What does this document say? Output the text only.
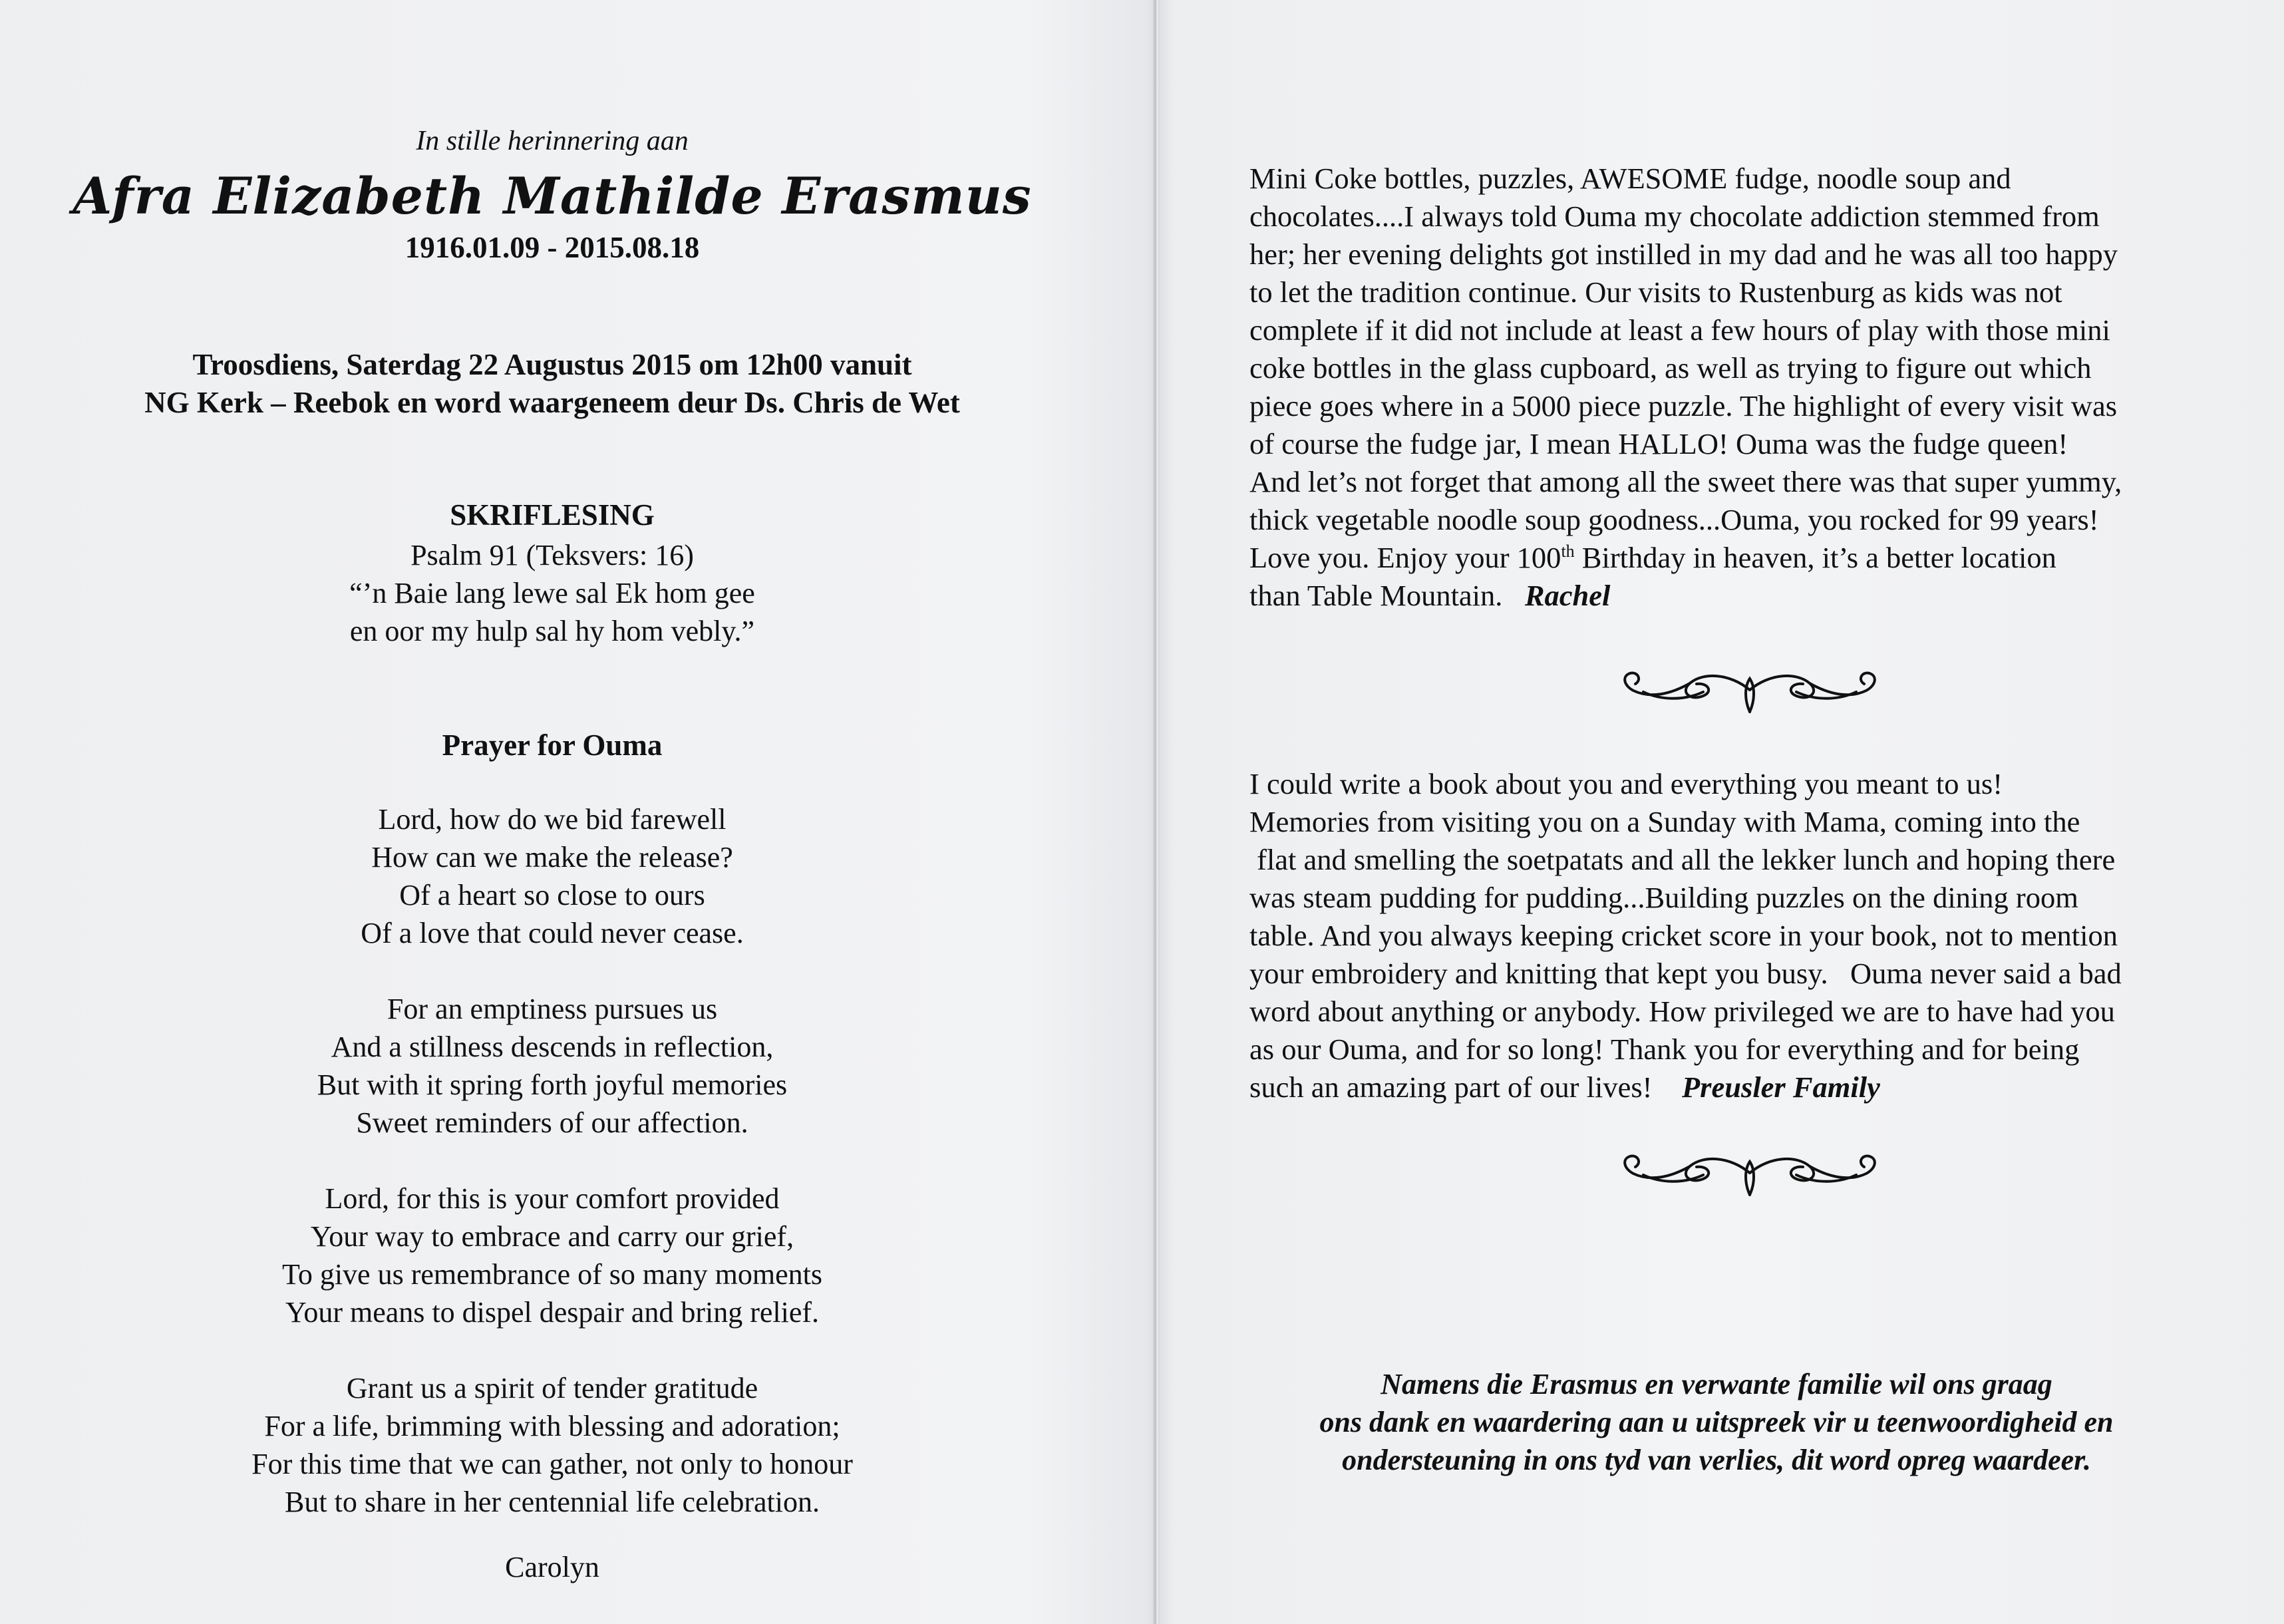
In stille herinnering aan
Afra Elizabeth Mathilde Erasmus
1916.01.09 - 2015.08.18
Troosdiens, Saterdag 22 Augustus 2015 om 12h00 vanuit
NG Kerk – Reebok en word waargeneem deur Ds. Chris de Wet
SKRIFLESING
Psalm 91 (Teksvers: 16)
“’n Baie lang lewe sal Ek hom gee
en oor my hulp sal hy hom vebly.”
Prayer for Ouma
Lord, how do we bid farewell
How can we make the release?
Of a heart so close to ours
Of a love that could never cease.
For an emptiness pursues us
And a stillness descends in reflection,
But with it spring forth joyful memories
Sweet reminders of our affection.
Lord, for this is your comfort provided
Your way to embrace and carry our grief,
To give us remembrance of so many moments
Your means to dispel despair and bring relief.
Grant us a spirit of tender gratitude
For a life, brimming with blessing and adoration;
For this time that we can gather, not only to honour
But to share in her centennial life celebration.
Carolyn
Mini Coke bottles, puzzles, AWESOME fudge, noodle soup and
chocolates....I always told Ouma my chocolate addiction stemmed from
her; her evening delights got instilled in my dad and he was all too happy
to let the tradition continue. Our visits to Rustenburg as kids was not
complete if it did not include at least a few hours of play with those mini
coke bottles in the glass cupboard, as well as trying to figure out which
piece goes where in a 5000 piece puzzle. The highlight of every visit was
of course the fudge jar, I mean HALLO! Ouma was the fudge queen!
And let’s not forget that among all the sweet there was that super yummy,
thick vegetable noodle soup goodness...Ouma, you rocked for 99 years!
Love you. Enjoy your 100th Birthday in heaven, it’s a better location
than Table Mountain.   Rachel
I could write a book about you and everything you meant to us!
Memories from visiting you on a Sunday with Mama, coming into the
flat and smelling the soetpatats and all the lekker lunch and hoping there
was steam pudding for pudding...Building puzzles on the dining room
table. And you always keeping cricket score in your book, not to mention
your embroidery and knitting that kept you busy.   Ouma never said a bad
word about anything or anybody. How privileged we are to have had you
as our Ouma, and for so long! Thank you for everything and for being
such an amazing part of our lives!    Preusler Family
Namens die Erasmus en verwante familie wil ons graag
ons dank en waardering aan u uitspreek vir u teenwoordigheid en
ondersteuning in ons tyd van verlies, dit word opreg waardeer.
